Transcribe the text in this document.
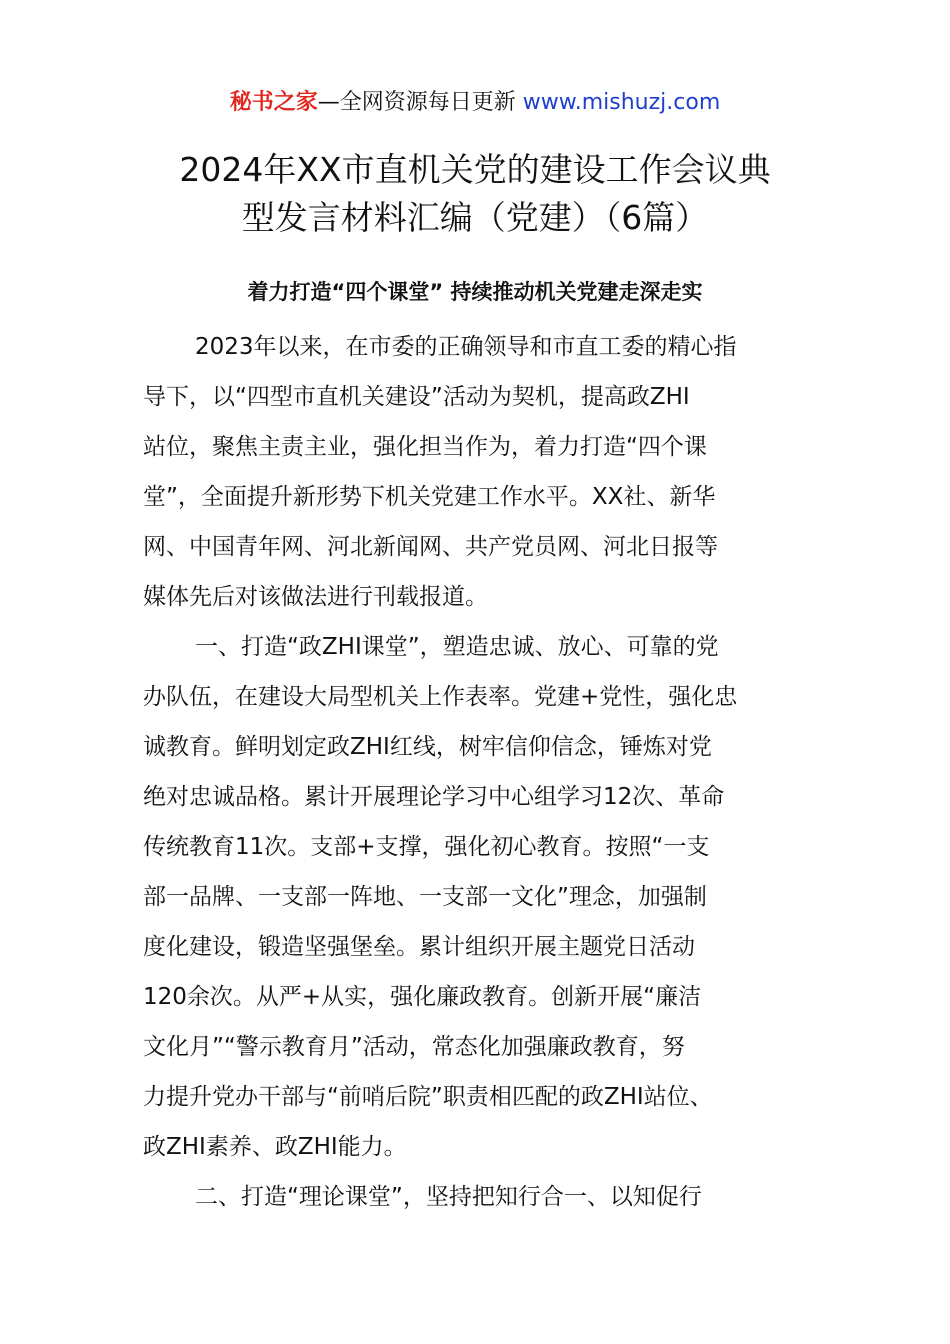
秘书之家—全网资源每日更新 www.mishuzj.com
2024年XX市直机关党的建设工作会议典
型发言材料汇编（党建）（6篇）
着力打造“四个课堂” 持续推动机关党建走深走实
2023年以来，在市委的正确领导和市直工委的精心指
导下，以“四型市直机关建设”活动为契机，提高政ZHI
站位，聚焦主责主业，强化担当作为，着力打造“四个课
堂”，全面提升新形势下机关党建工作水平。XX社、新华
网、中国青年网、河北新闻网、共产党员网、河北日报等
媒体先后对该做法进行刊载报道。
一、打造“政ZHI课堂”，塑造忠诚、放心、可靠的党
办队伍，在建设大局型机关上作表率。党建+党性，强化忠
诚教育。鲜明划定政ZHI红线，树牢信仰信念，锤炼对党
绝对忠诚品格。累计开展理论学习中心组学习12次、革命
传统教育11次。支部+支撑，强化初心教育。按照“一支
部一品牌、一支部一阵地、一支部一文化”理念，加强制
度化建设，锻造坚强堡垒。累计组织开展主题党日活动
120余次。从严+从实，强化廉政教育。创新开展“廉洁
文化月”“警示教育月”活动，常态化加强廉政教育，努
力提升党办干部与“前哨后院”职责相匹配的政ZHI站位、
政ZHI素养、政ZHI能力。
二、打造“理论课堂”，坚持把知行合一、以知促行
